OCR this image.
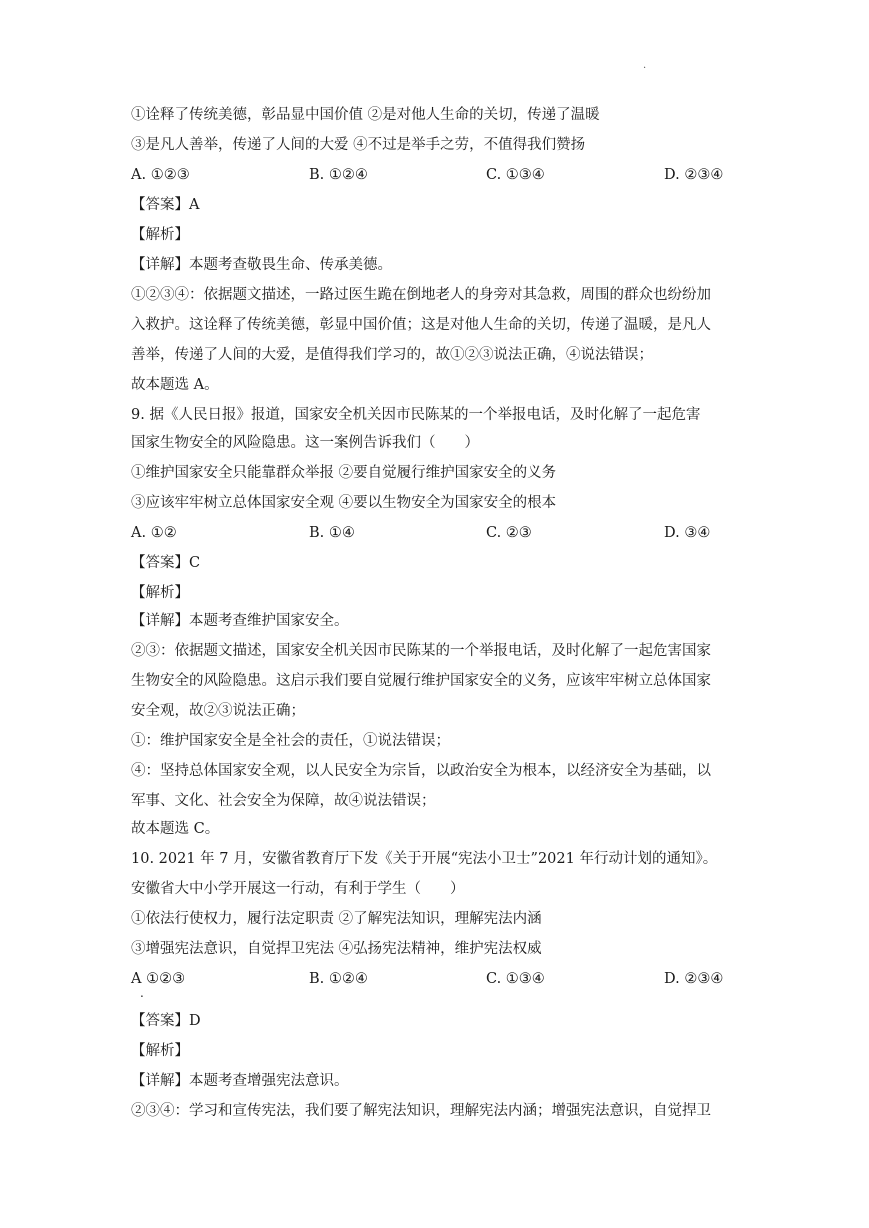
.
①诠释了传统美德，彰品显中国价值 ②是对他人生命的关切，传递了温暖
③是凡人善举，传递了人间的大爱 ④不过是举手之劳，不值得我们赞扬
A. ①②③	B. ①②④	C. ①③④	D. ②③④
【答案】A
【解析】
【详解】本题考查敬畏生命、传承美德。
①②③④：依据题文描述，一路过医生跪在倒地老人的身旁对其急救，周围的群众也纷纷加
入救护。这诠释了传统美德，彰显中国价值；这是对他人生命的关切，传递了温暖，是凡人
善举，传递了人间的大爱，是值得我们学习的，故①②③说法正确，④说法错误；
故本题选 A。
9. 据《人民日报》报道，国家安全机关因市民陈某的一个举报电话，及时化解了一起危害
国家生物安全的风险隐患。这一案例告诉我们（　　）
①维护国家安全只能靠群众举报 ②要自觉履行维护国家安全的义务
③应该牢牢树立总体国家安全观 ④要以生物安全为国家安全的根本
A. ①②	B. ①④	C. ②③	D. ③④
【答案】C
【解析】
【详解】本题考查维护国家安全。
②③：依据题文描述，国家安全机关因市民陈某的一个举报电话，及时化解了一起危害国家
生物安全的风险隐患。这启示我们要自觉履行维护国家安全的义务，应该牢牢树立总体国家
安全观，故②③说法正确；
①：维护国家安全是全社会的责任，①说法错误；
④：坚持总体国家安全观，以人民安全为宗旨，以政治安全为根本，以经济安全为基础，以
军事、文化、社会安全为保障，故④说法错误；
故本题选 C。
10. 2021 年 7 月，安徽省教育厅下发《关于开展“宪法小卫士”2021 年行动计划的通知》。
安徽省大中小学开展这一行动，有利于学生（　　）
①依法行使权力，履行法定职责 ②了解宪法知识，理解宪法内涵
③增强宪法意识，自觉捍卫宪法 ④弘扬宪法精神，维护宪法权威
A ①②③	B. ①②④	C. ①③④	D. ②③④
.
【答案】D
【解析】
【详解】本题考查增强宪法意识。
②③④：学习和宣传宪法，我们要了解宪法知识，理解宪法内涵；增强宪法意识，自觉捍卫
